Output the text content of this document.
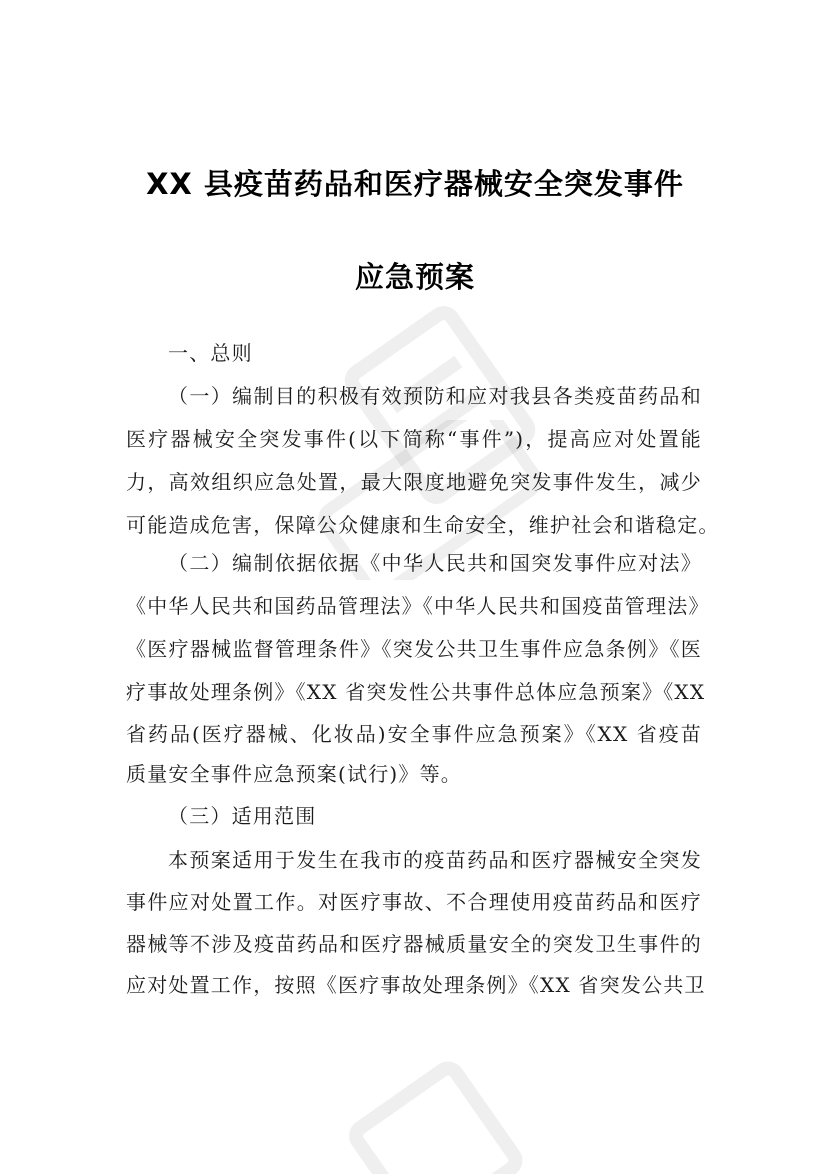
XX 县疫苗药品和医疗器械安全突发事件
应急预案
一、总则
（一）编制目的积极有效预防和应对我县各类疫苗药品和
医疗器械安全突发事件(以下简称“事件”)，提高应对处置能
力，高效组织应急处置，最大限度地避免突发事件发生，减少
可能造成危害，保障公众健康和生命安全，维护社会和谐稳定。
（二）编制依据依据《中华人民共和国突发事件应对法》
《中华人民共和国药品管理法》《中华人民共和国疫苗管理法》
《医疗器械监督管理条件》《突发公共卫生事件应急条例》《医
疗事故处理条例》《XX 省突发性公共事件总体应急预案》《XX
省药品(医疗器械、化妆品)安全事件应急预案》《XX 省疫苗
质量安全事件应急预案(试行)》等。
（三）适用范围
本预案适用于发生在我市的疫苗药品和医疗器械安全突发
事件应对处置工作。对医疗事故、不合理使用疫苗药品和医疗
器械等不涉及疫苗药品和医疗器械质量安全的突发卫生事件的
应对处置工作，按照《医疗事故处理条例》《XX 省突发公共卫
